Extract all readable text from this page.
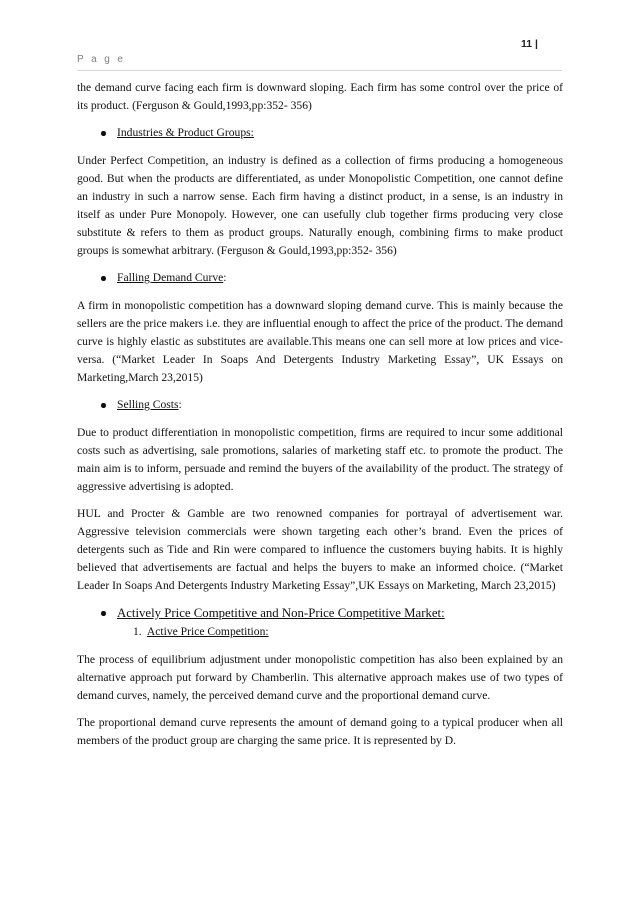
11 |
P a g e

the demand curve facing each firm is downward sloping. Each firm has some control over the price of its product. (Ferguson & Gould,1993,pp:352- 356)

Industries & Product Groups:

Under Perfect Competition, an industry is defined as a collection of firms producing a homogeneous good. But when the products are differentiated, as under Monopolistic Competition, one cannot define an industry in such a narrow sense. Each firm having a distinct product, in a sense, is an industry in itself as under Pure Monopoly. However, one can usefully club together firms producing very close substitute & refers to them as product groups. Naturally enough, combining firms to make product groups is somewhat arbitrary. (Ferguson & Gould,1993,pp:352- 356)

Falling Demand Curve:

A firm in monopolistic competition has a downward sloping demand curve. This is mainly because the sellers are the price makers i.e. they are influential enough to affect the price of the product. The demand curve is highly elastic as substitutes are available.This means one can sell more at low prices and vice-versa. (“Market Leader In Soaps And Detergents Industry Marketing Essay”, UK Essays on Marketing,March 23,2015)

Selling Costs:

Due to product differentiation in monopolistic competition, firms are required to incur some additional costs such as advertising, sale promotions, salaries of marketing staff etc. to promote the product. The main aim is to inform, persuade and remind the buyers of the availability of the product. The strategy of aggressive advertising is adopted.

HUL and Procter & Gamble are two renowned companies for portrayal of advertisement war. Aggressive television commercials were shown targeting each other’s brand. Even the prices of detergents such as Tide and Rin were compared to influence the customers buying habits. It is highly believed that advertisements are factual and helps the buyers to make an informed choice. (“Market Leader In Soaps And Detergents Industry Marketing Essay”,UK Essays on Marketing, March 23,2015)

Actively Price Competitive and Non-Price Competitive Market:
1. Active Price Competition:

The process of equilibrium adjustment under monopolistic competition has also been explained by an alternative approach put forward by Chamberlin. This alternative approach makes use of two types of demand curves, namely, the perceived demand curve and the proportional demand curve.

The proportional demand curve represents the amount of demand going to a typical producer when all members of the product group are charging the same price. It is represented by D.
